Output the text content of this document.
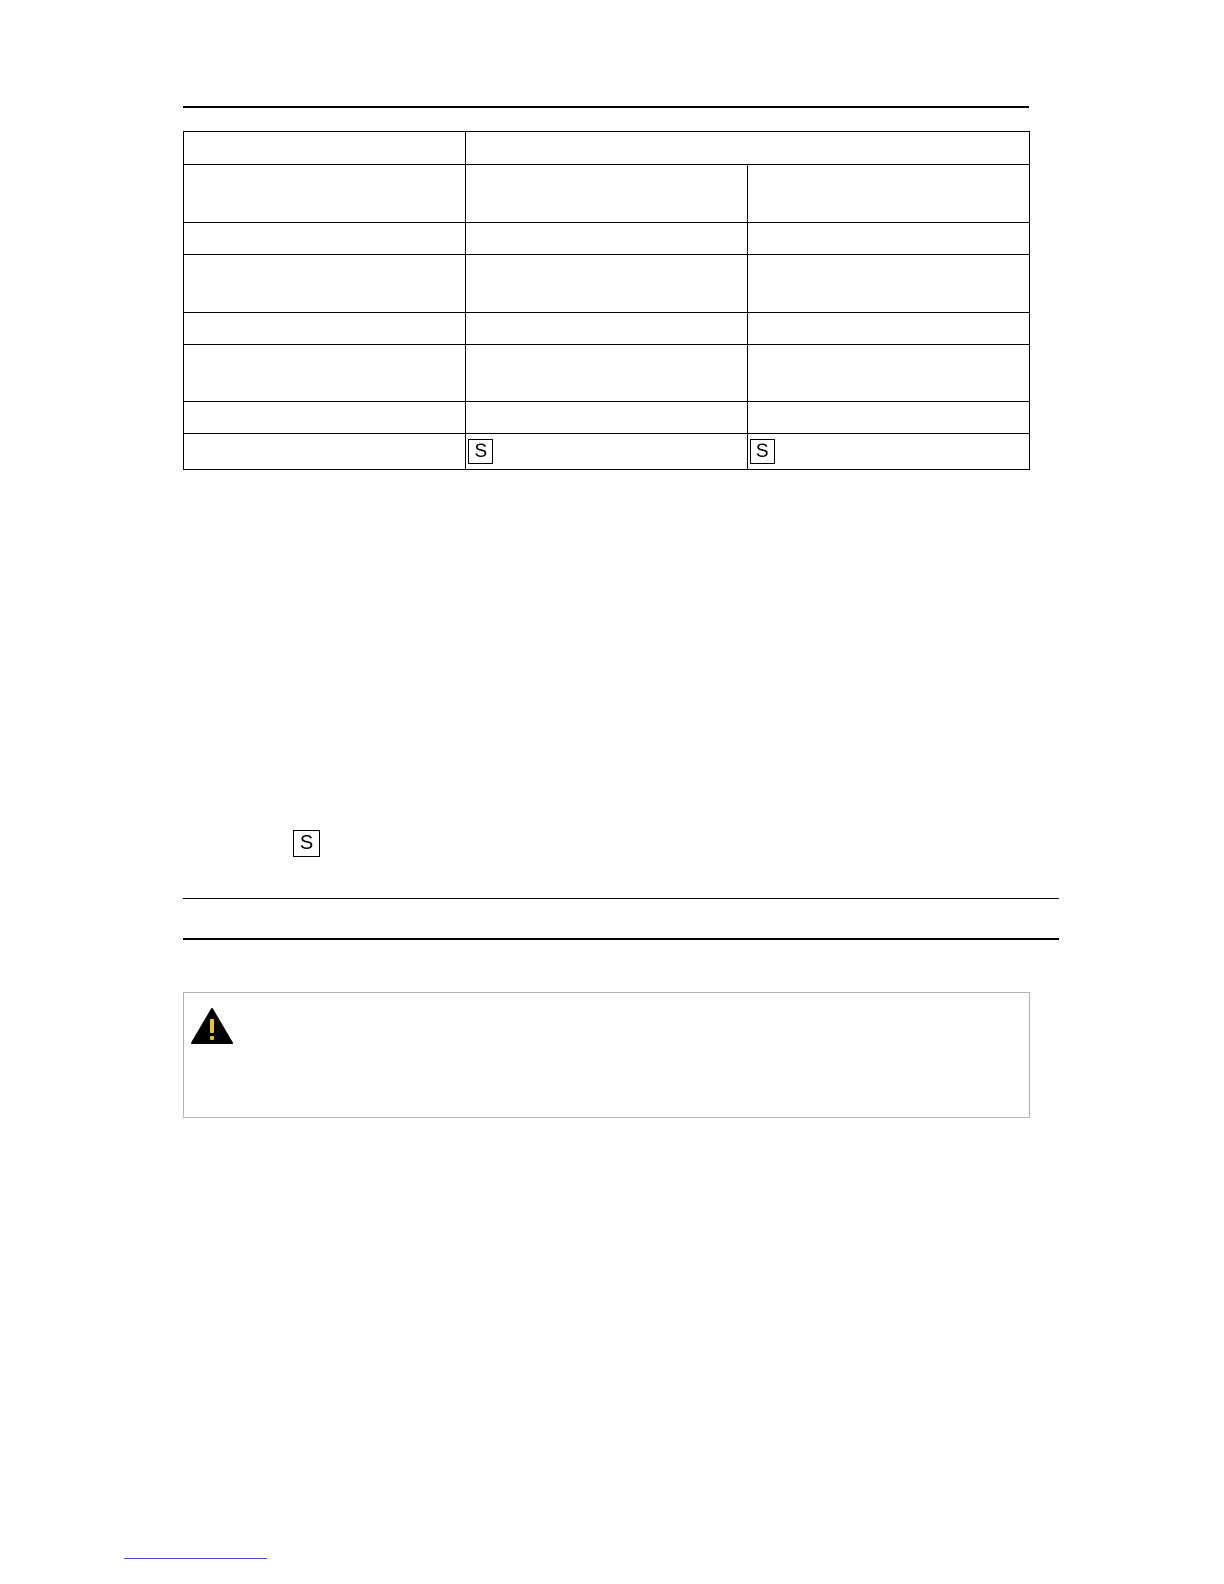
	S	S
S
